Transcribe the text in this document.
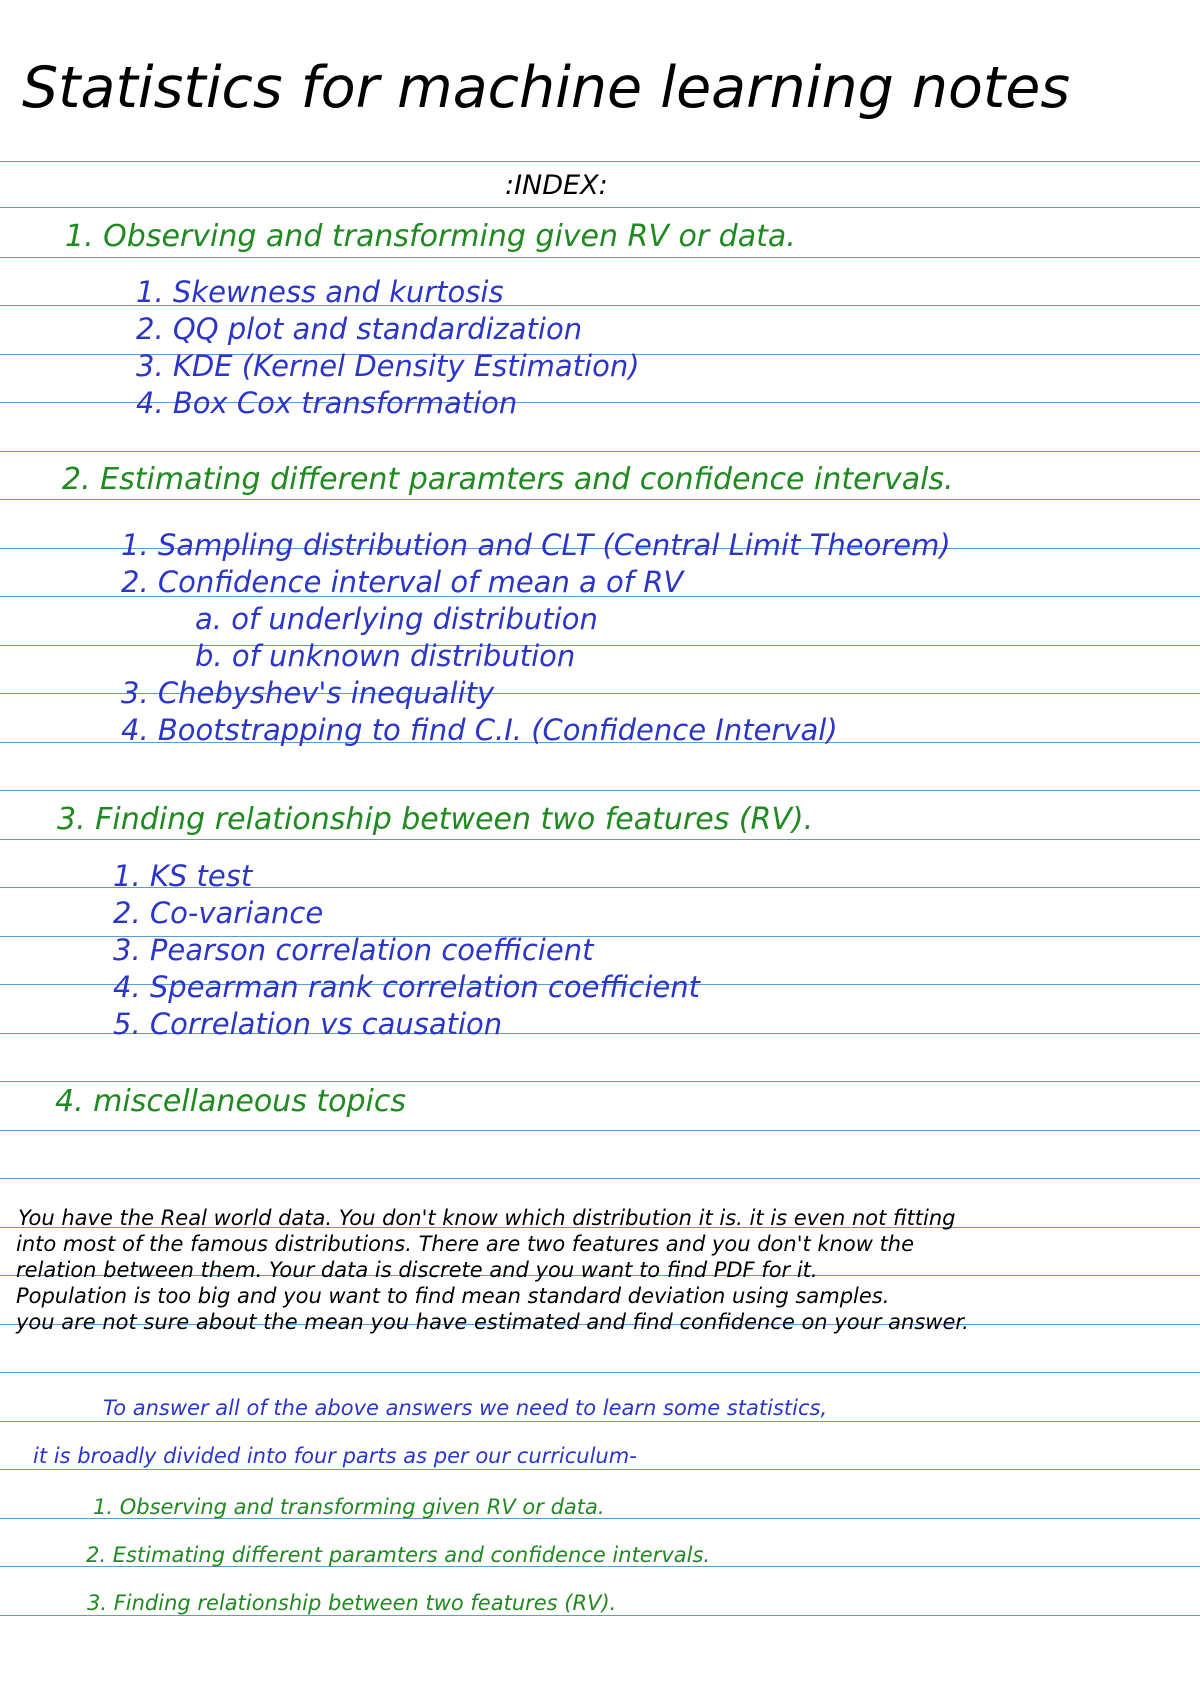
Statistics for machine learning notes
:INDEX:
1. Observing and transforming given RV or data.
1. Skewness and kurtosis
2. QQ plot and standardization
3. KDE (Kernel Density Estimation)
4. Box Cox transformation
2. Estimating different paramters and confidence intervals.
1. Sampling distribution and CLT (Central Limit Theorem)
2. Confidence interval of mean a of RV
a. of underlying distribution
b. of unknown distribution
3. Chebyshev's inequality
4. Bootstrapping to find C.I. (Confidence Interval)
3. Finding relationship between two features (RV).
1. KS test
2. Co-variance
3. Pearson correlation coefficient
4. Spearman rank correlation coefficient
5. Correlation vs causation
4. miscellaneous topics
You have the Real world data. You don't know which distribution it is. it is even not fitting
into most of the famous distributions. There are two features and you don't know the
relation between them. Your data is discrete and you want to find PDF for it.
Population is too big and you want to find mean standard deviation using samples.
you are not sure about the mean you have estimated and find confidence on your answer.
To answer all of the above answers we need to learn some statistics,
it is broadly divided into four parts as per our curriculum-
1. Observing and transforming given RV or data.
2. Estimating different paramters and confidence intervals.
3. Finding relationship between two features (RV).
